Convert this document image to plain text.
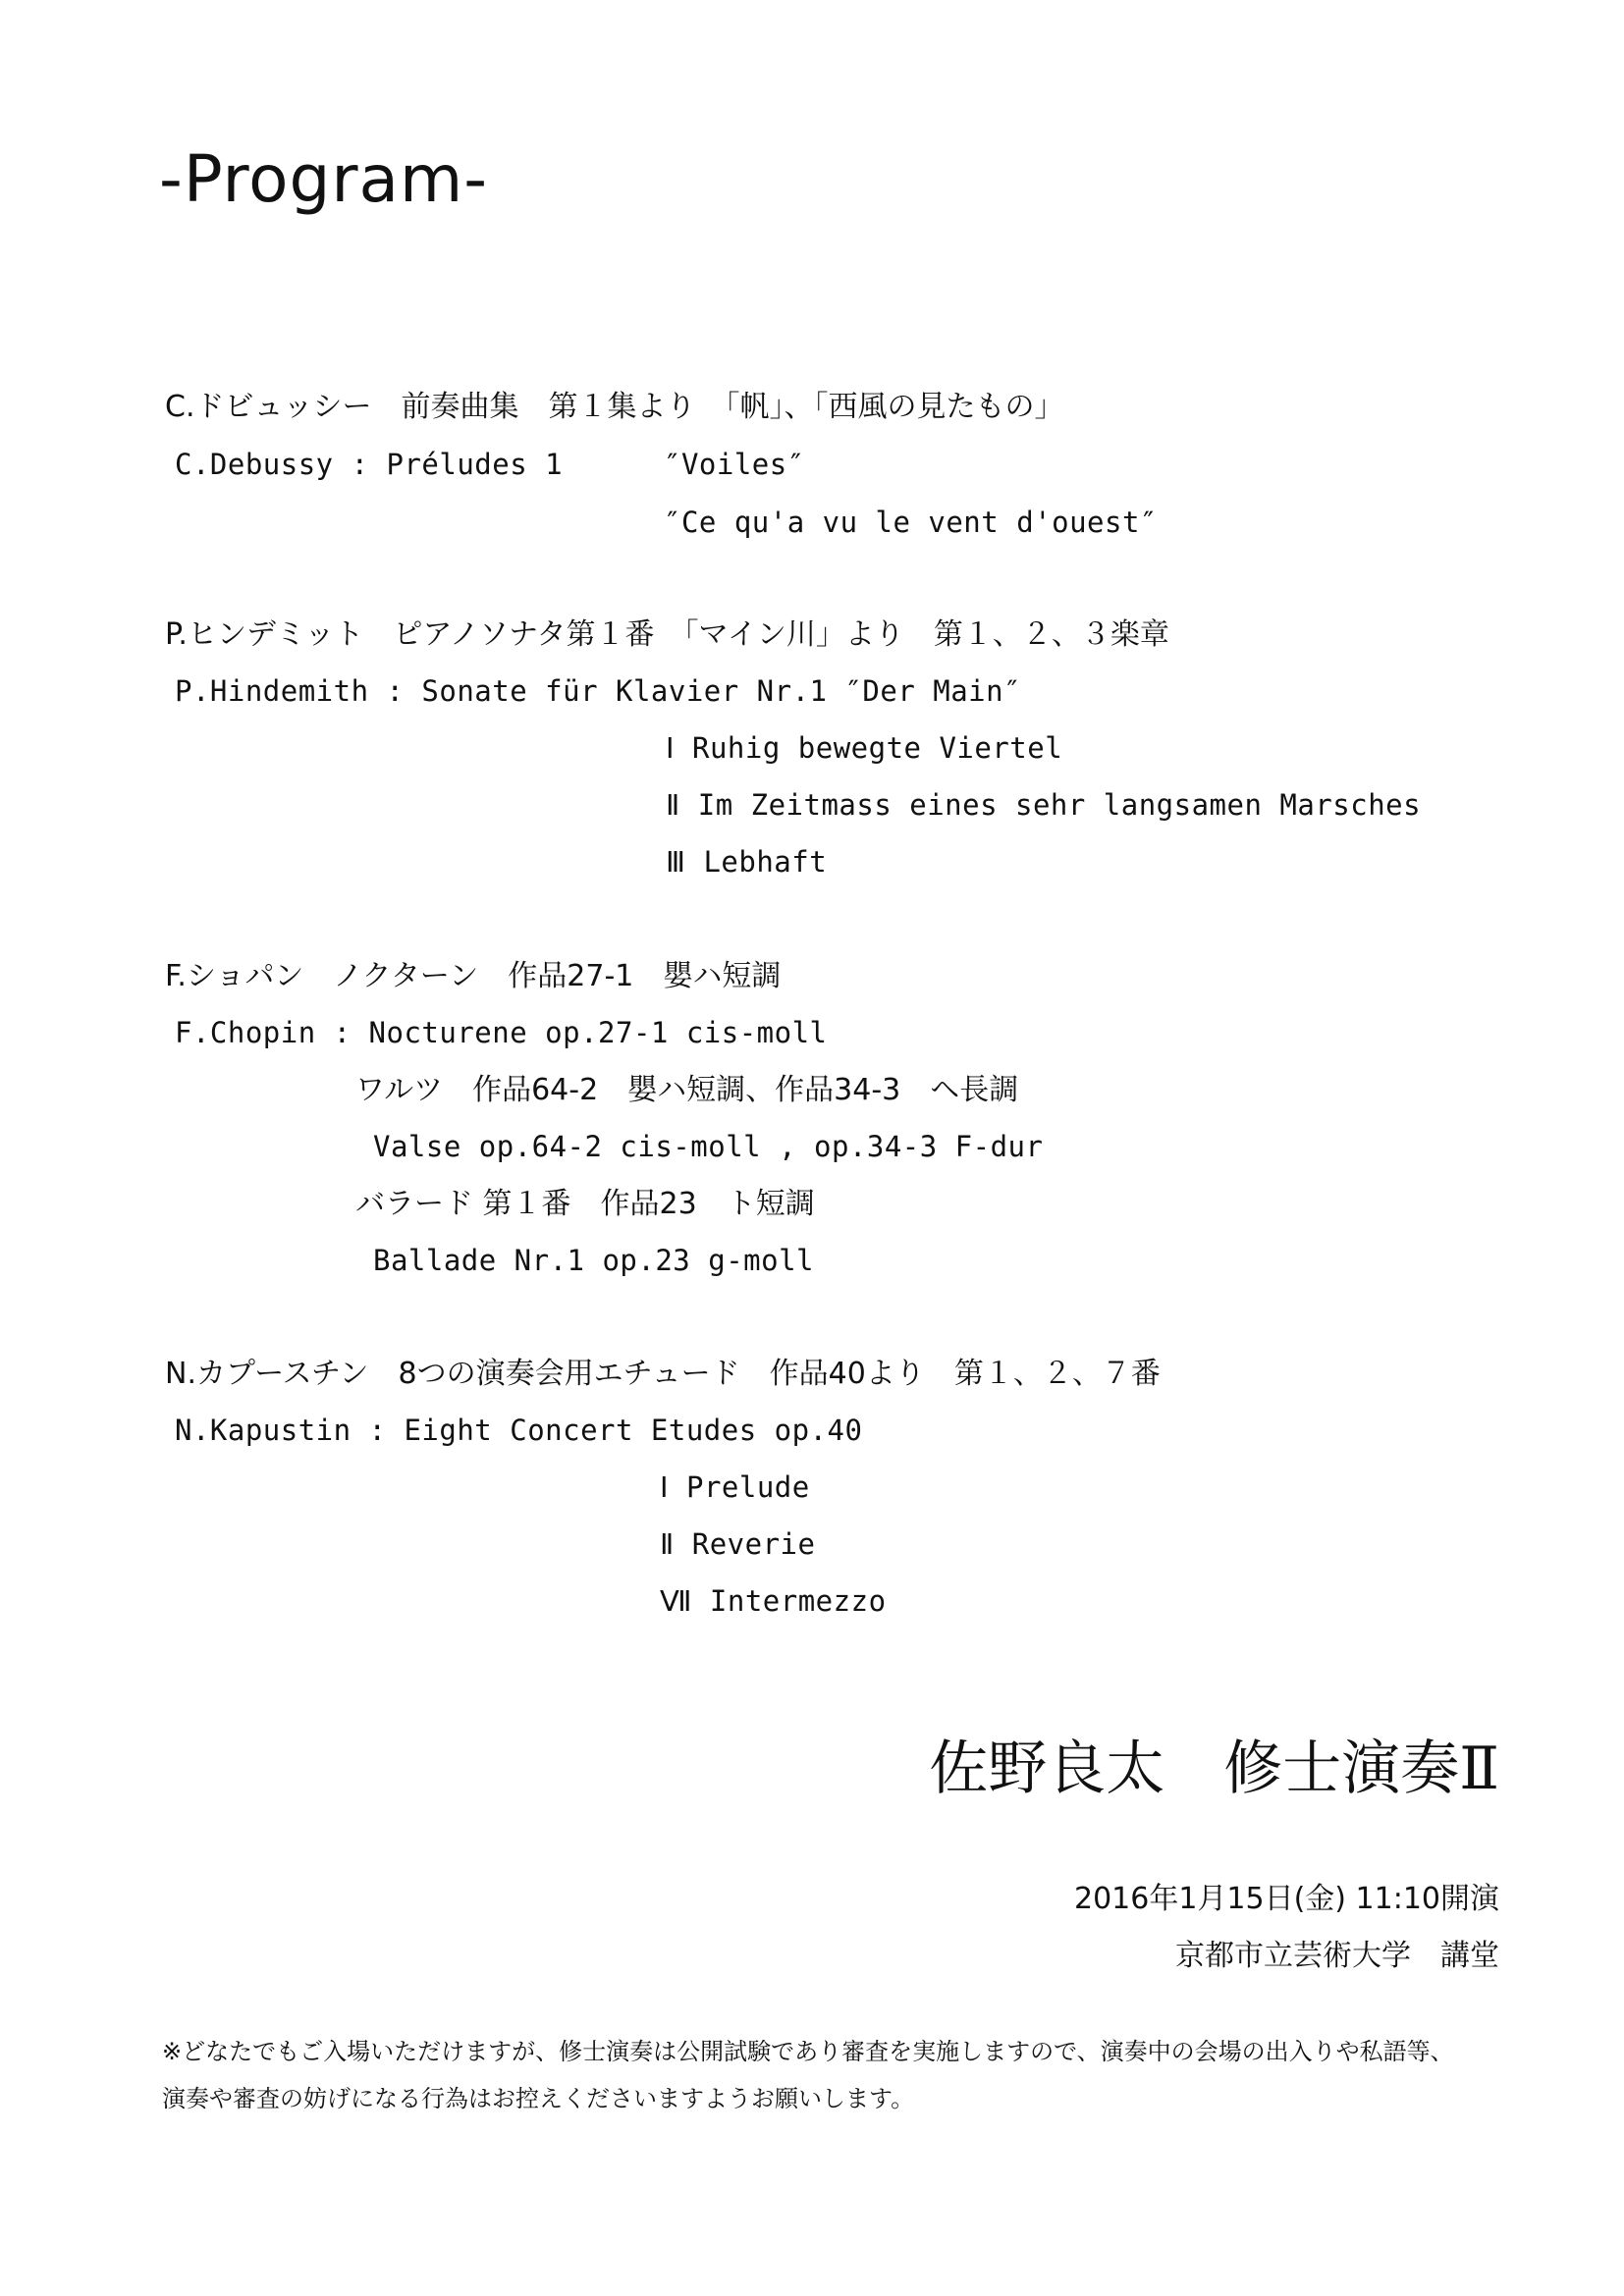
-Program-
C.ドビュッシー　前奏曲集　第１集より　「帆」、「西風の見たもの」
C.Debussy : Préludes 1	″Voiles″
″Ce qu'a vu le vent d'ouest″
P.ヒンデミット　ピアノソナタ第１番　「マイン川」より　第１、２、３楽章
P.Hindemith : Sonate für Klavier Nr.1 ″Der Main″
Ⅰ Ruhig bewegte Viertel
Ⅱ Im Zeitmass eines sehr langsamen Marsches
Ⅲ Lebhaft
F.ショパン　ノクターン　作品27-1　嬰ハ短調
F.Chopin : Nocturene op.27-1 cis-moll
ワルツ　作品64-2　嬰ハ短調、作品34-3　ヘ長調
Valse op.64-2 cis-moll , op.34-3 F-dur
バラード 第１番　作品23　ト短調
Ballade Nr.1 op.23 g-moll
N.カプースチン　8つの演奏会用エチュード　作品40より　第１、２、７番
N.Kapustin : Eight Concert Etudes op.40
Ⅰ Prelude
Ⅱ Reverie
Ⅶ Intermezzo
佐野良太　修士演奏Ⅱ
2016年1月15日(金) 11:10開演
京都市立芸術大学　講堂
※どなたでもご入場いただけますが、修士演奏は公開試験であり審査を実施しますので、演奏中の会場の出入りや私語等、
演奏や審査の妨げになる行為はお控えくださいますようお願いします。
